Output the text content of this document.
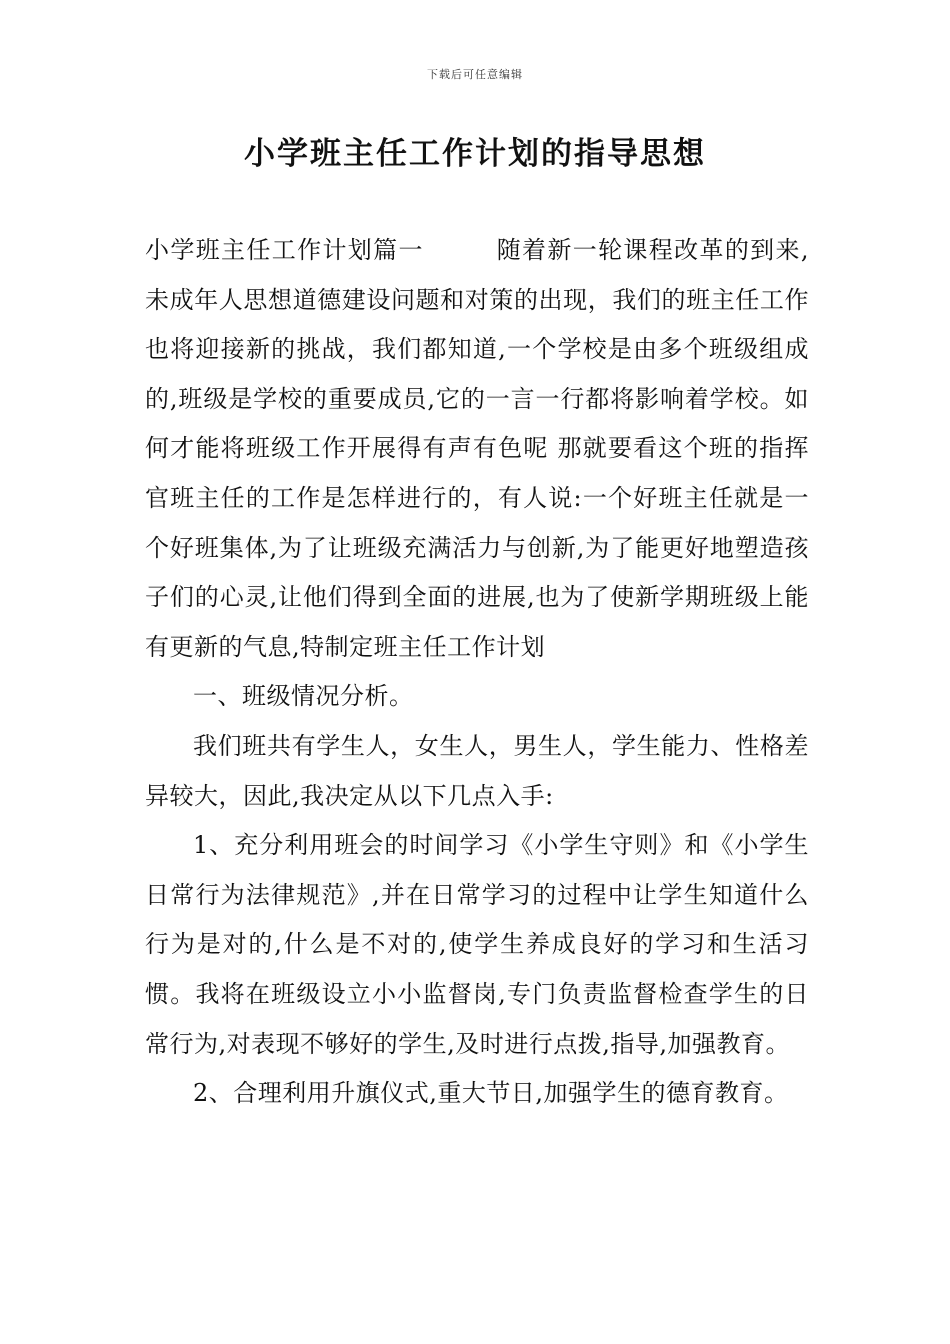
下载后可任意编辑
小学班主任工作计划的指导思想

小学班主任工作计划篇一	随着新一轮课程改革的到来,未成年人思想道德建设问题和对策的出现，我们的班主任工作也将迎接新的挑战，我们都知道,一个学校是由多个班级组成的,班级是学校的重要成员,它的一言一行都将影响着学校。如何才能将班级工作开展得有声有色呢 那就要看这个班的指挥官班主任的工作是怎样进行的，有人说:一个好班主任就是一个好班集体,为了让班级充满活力与创新,为了能更好地塑造孩子们的心灵,让他们得到全面的进展,也为了使新学期班级上能有更新的气息,特制定班主任工作计划

一、班级情况分析。

我们班共有学生人，女生人，男生人，学生能力、性格差异较大，因此,我决定从以下几点入手:

1、充分利用班会的时间学习《小学生守则》和《小学生日常行为法律规范》,并在日常学习的过程中让学生知道什么行为是对的,什么是不对的,使学生养成良好的学习和生活习惯。我将在班级设立小小监督岗,专门负责监督检查学生的日常行为,对表现不够好的学生,及时进行点拨,指导,加强教育。

2、合理利用升旗仪式,重大节日,加强学生的德育教育。
